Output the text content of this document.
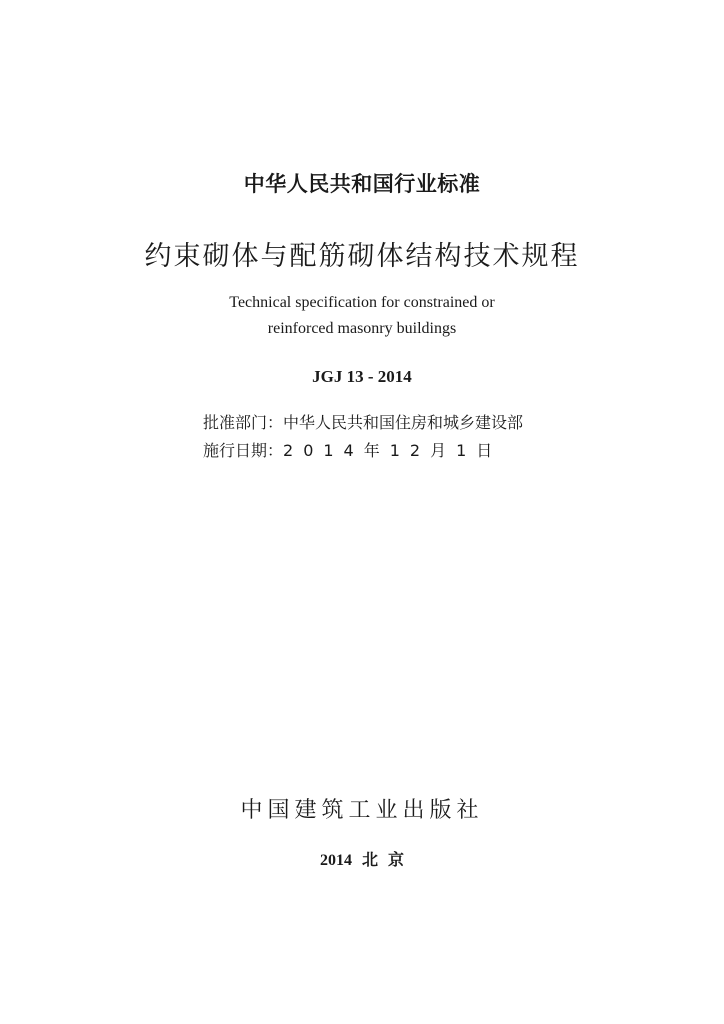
中华人民共和国行业标准
约束砌体与配筋砌体结构技术规程
Technical specification for constrained or
reinforced masonry buildings
JGJ 13 - 2014
批准部门：中华人民共和国住房和城乡建设部
施行日期：2014年12月1日
中国建筑工业出版社
2014 北 京
